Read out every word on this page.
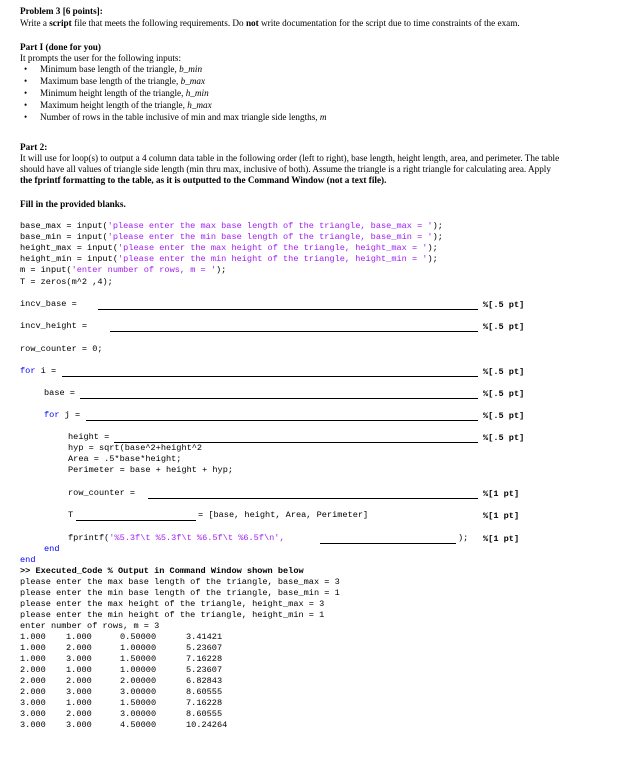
Problem 3 [6 points]:
Write a script file that meets the following requirements. Do not write documentation for the script due to time constraints of the exam.
Part I (done for you)
It prompts the user for the following inputs:
• Minimum base length of the triangle, b_min
• Maximum base length of the triangle, b_max
• Minimum height length of the triangle, h_min
• Maximum height length of the triangle, h_max
• Number of rows in the table inclusive of min and max triangle side lengths, m
Part 2:
It will use for loop(s) to output a 4 column data table in the following order (left to right), base length, height length, area, and perimeter. The table
should have all values of triangle side length (min thru max, inclusive of both). Assume the triangle is a right triangle for calculating area. Apply
the fprintf formatting to the table, as it is outputted to the Command Window (not a text file).
Fill in the provided blanks.
base_max = input('please enter the max base length of the triangle, base_max = ');
base_min = input('please enter the min base length of the triangle, base_min = ');
height_max = input('please enter the max height of the triangle, height_max = ');
height_min = input('please enter the min height of the triangle, height_min = ');
m = input('enter number of rows, m = ');
T = zeros(m^2 ,4);
incv_base =	%[.5 pt]
incv_height =	%[.5 pt]
row_counter = 0;
for i =	%[.5 pt]
base =	%[.5 pt]
for j =	%[.5 pt]
height =	%[.5 pt]
hyp = sqrt(base^2+height^2
Area = .5*base*height;
Perimeter = base + height + hyp;
row_counter =	%[1 pt]
T	= [base, height, Area, Perimeter]	%[1 pt]
fprintf('%5.3f\t %5.3f\t %6.5f\t %6.5f\n',	); %[1 pt]
end
end
>> Executed_Code % Output in Command Window shown below
please enter the max base length of the triangle, base_max = 3
please enter the min base length of the triangle, base_min = 1
please enter the max height of the triangle, height_max = 3
please enter the min height of the triangle, height_min = 1
enter number of rows, m = 3
1.000 1.000	0.50000	3.41421
1.000 2.000	1.00000	5.23607
1.000 3.000	1.50000	7.16228
2.000 1.000	1.00000	5.23607
2.000 2.000	2.00000	6.82843
2.000 3.000	3.00000	8.60555
3.000 1.000	1.50000	7.16228
3.000 2.000	3.00000	8.60555
3.000 3.000	4.50000	10.24264
